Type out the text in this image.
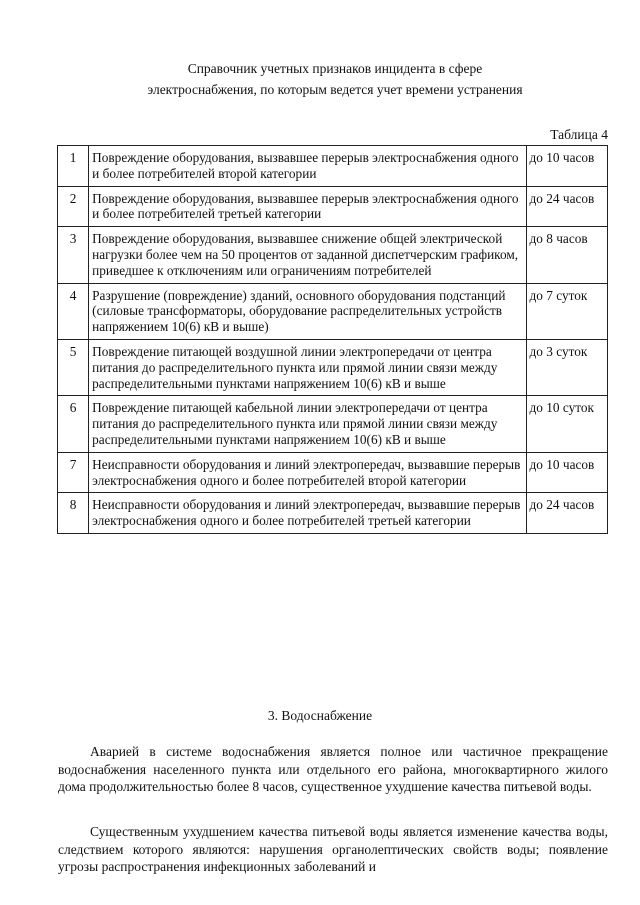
Справочник учетных признаков инцидента в сфере
электроснабжения, по которым ведется учет времени устранения
Таблица 4
1	Повреждение оборудования, вызвавшее перерыв электроснабжения одного и более потребителей второй категории	до 10 часов
2	Повреждение оборудования, вызвавшее перерыв электроснабжения одного и более потребителей третьей категории	до 24 часов
3	Повреждение оборудования, вызвавшее снижение общей электрической нагрузки более чем на 50 процентов от заданной диспетчерским графиком, приведшее к отключениям или ограничениям потребителей	до 8 часов
4	Разрушение (повреждение) зданий, основного оборудования подстанций (силовые трансформаторы, оборудование распределительных устройств напряжением 10(6) кВ и выше)	до 7 суток
5	Повреждение питающей воздушной линии электропередачи от центра питания до распределительного пункта или прямой линии связи между распределительными пунктами напряжением 10(6) кВ и выше	до 3 суток
6	Повреждение питающей кабельной линии электропередачи от центра питания до распределительного пункта или прямой линии связи между распределительными пунктами напряжением 10(6) кВ и выше	до 10 суток
7	Неисправности оборудования и линий электропередач, вызвавшие перерыв электроснабжения одного и более потребителей второй категории	до 10 часов
8	Неисправности оборудования и линий электропередач, вызвавшие перерыв электроснабжения одного и более потребителей третьей категории	до 24 часов
3. Водоснабжение

Аварией в системе водоснабжения является полное или частичное прекращение водоснабжения населенного пункта или отдельного его района, многоквартирного жилого дома продолжительностью более 8 часов, существенное ухудшение качества питьевой воды.

Существенным ухудшением качества питьевой воды является изменение качества воды, следствием которого являются: нарушения органолептических свойств воды; появление угрозы распространения инфекционных заболеваний и
